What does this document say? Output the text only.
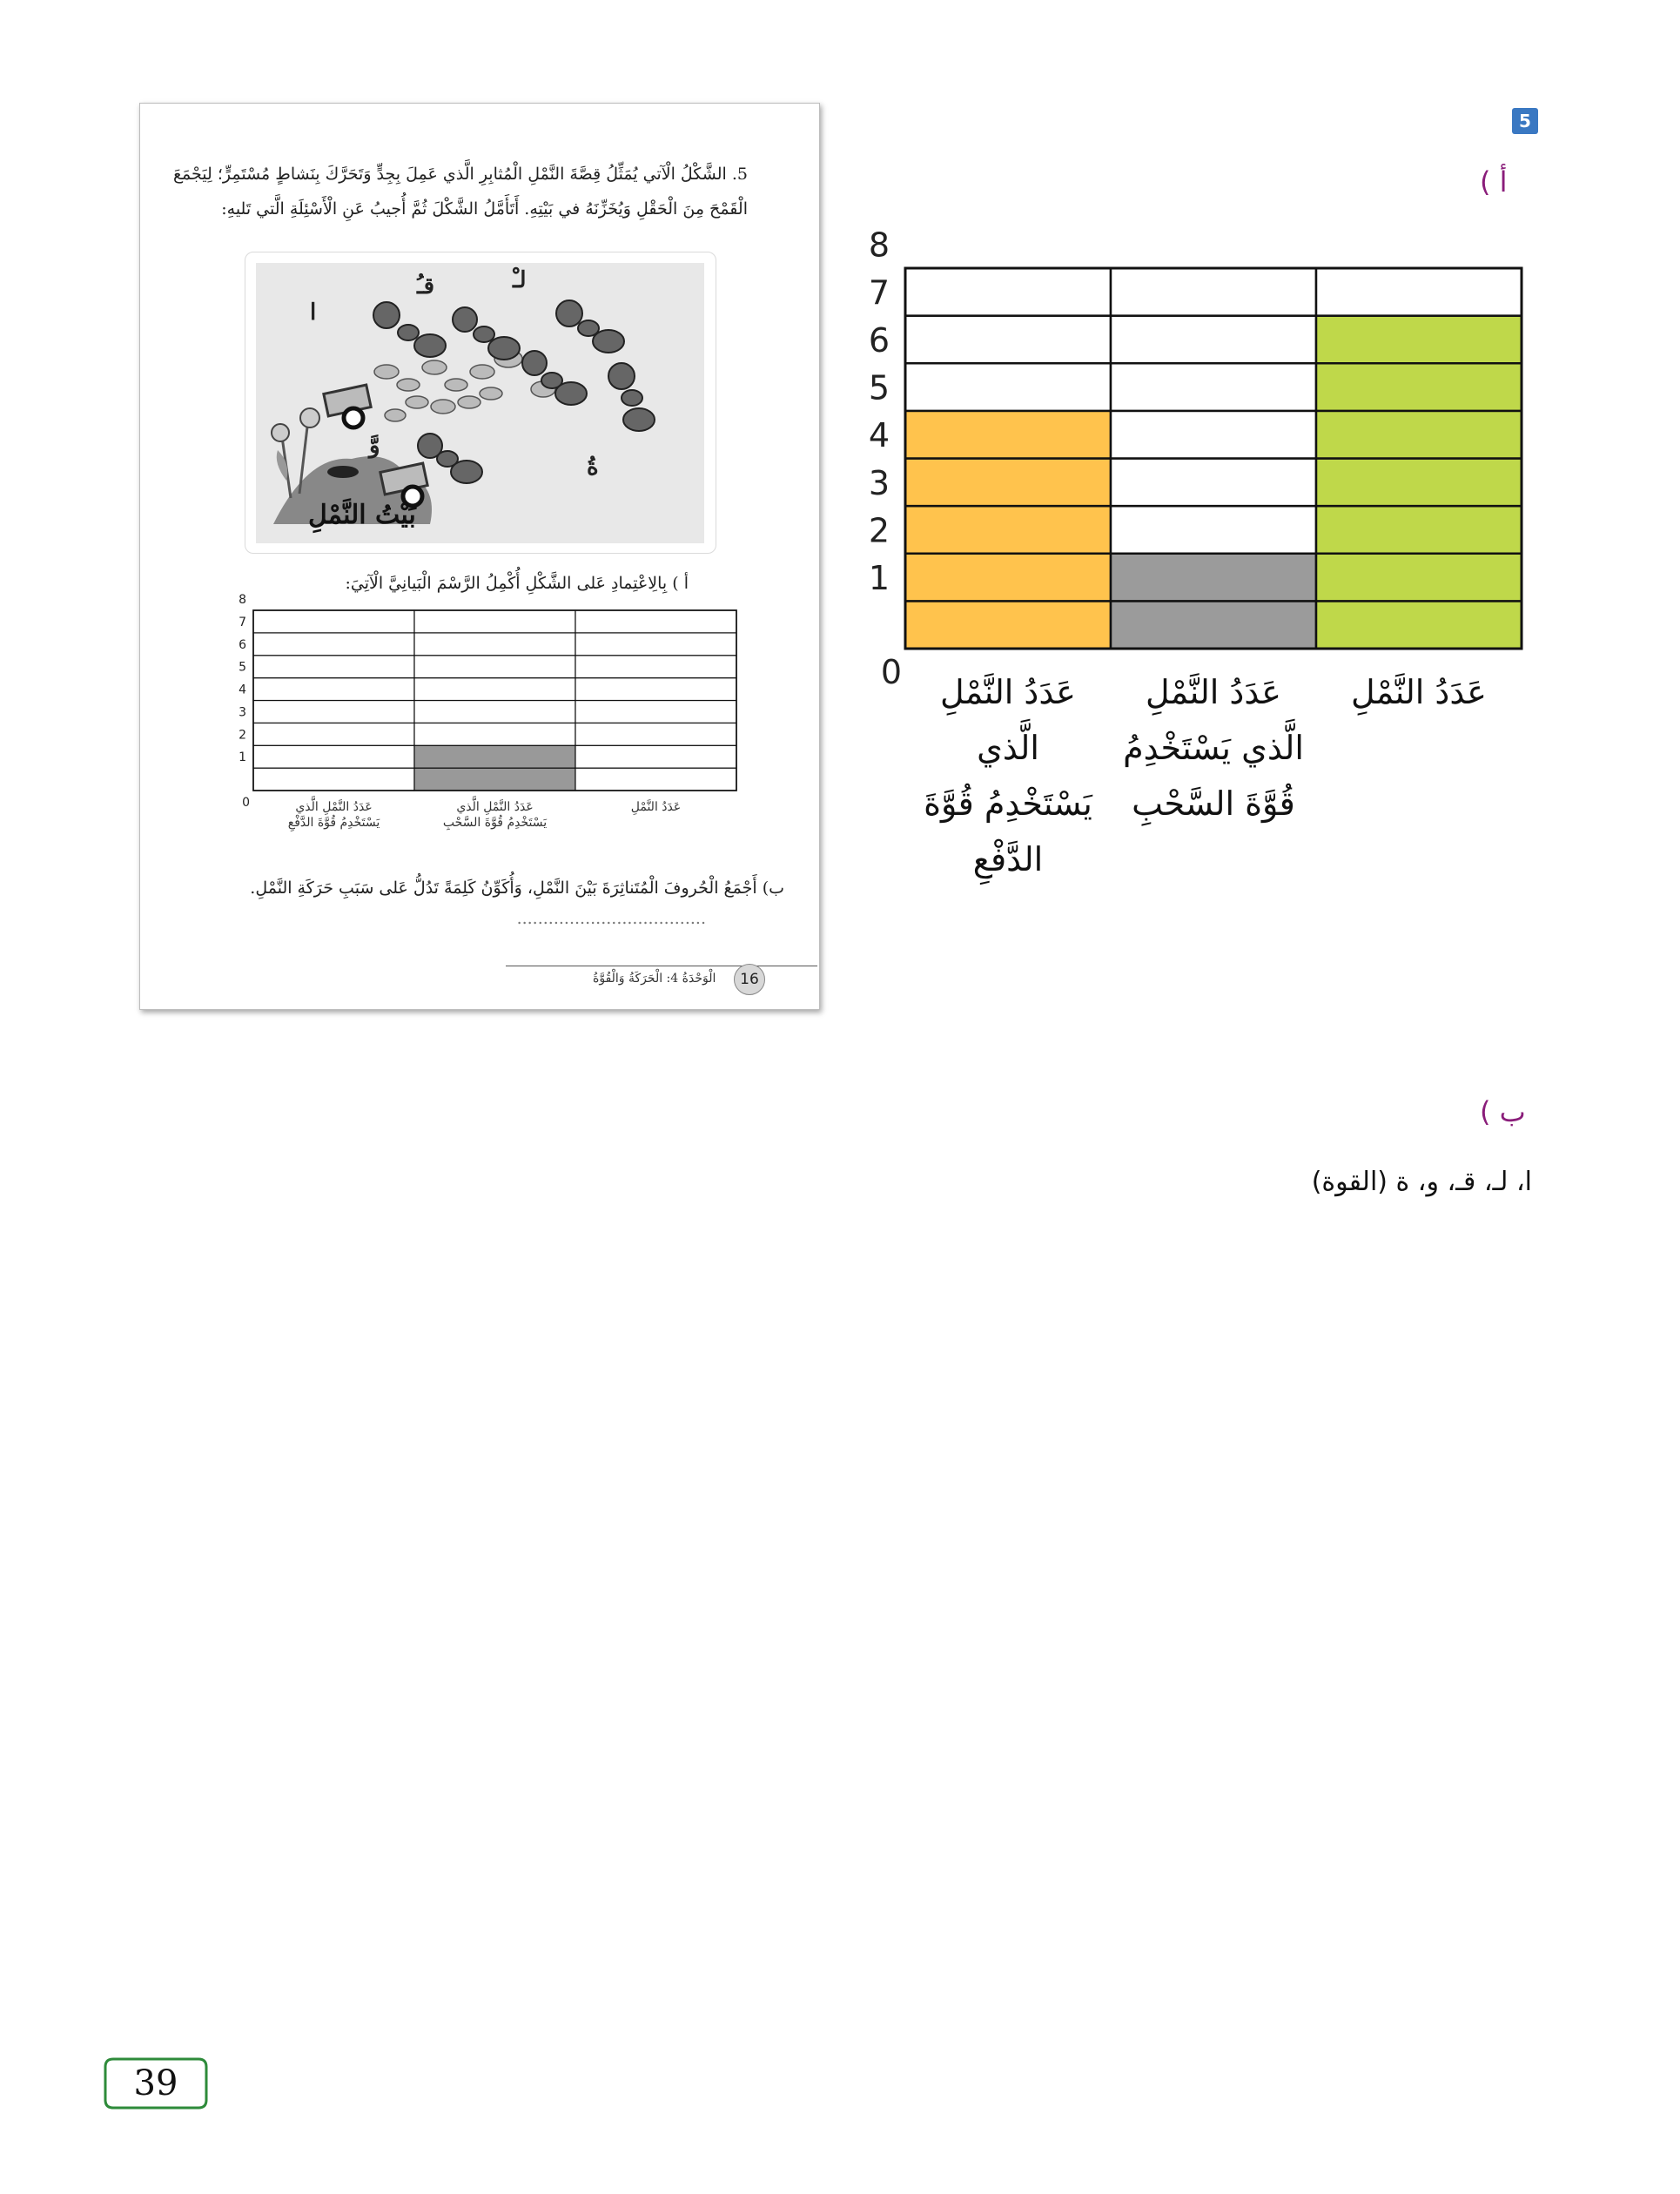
5. الشَّكْلُ الْآتي يُمَثِّلُ قِصَّةَ النَّمْلِ الْمُثابِرِ الَّذي عَمِلَ بِجِدٍّ وَتَحَرَّكَ بِنَشاطٍ مُسْتَمِرٍّ؛ لِيَجْمَعَ
الْقَمْحَ مِنَ الْحَقْلِ وَيُخَزِّنَهُ في بَيْتِهِ. أَتَأَمَّلُ الشَّكْلَ ثُمَّ أُجيبُ عَنِ الْأَسْئِلَةِ الَّتي تَليهِ:
ا
قـُ	لـْ
وَّ
ةُ
بَيْتُ النَّمْلِ
أ ) بِالِاعْتِمادِ عَلى الشَّكْلِ أُكْمِلُ الرَّسْمَ الْبَيانِيَّ الْآتِيَ:
0
1
2
3
4
5
6
7
8
ب) أَجْمَعُ الْحُروفَ الْمُتَناثِرَةَ بَيْنَ النَّمْلِ، وَأُكَوِّنُ كَلِمَةً تَدُلُّ عَلى سَبَبِ حَرَكَةِ النَّمْلِ.
....................................
16
الْوَحْدَةُ 4: الْحَرَكَةُ وَالْقُوَّةُ
عَدَدُ النَّمْلِ الَّذي
يَسْتَخْدِمُ قُوَّةَ الدَّفْعِ
عَدَدُ النَّمْلِ الَّذي
يَسْتَخْدِمُ قُوَّةَ السَّحْبِ
عَدَدُ النَّمْلِ
5
أ )
0
1
2
3
4
5
6
7
8
عَدَدُ النَّمْلِ
الَّذي
يَسْتَخْدِمُ قُوَّةَ
الدَّفْعِ
عَدَدُ النَّمْلِ
الَّذي يَسْتَخْدِمُ
قُوَّةَ السَّحْبِ
عَدَدُ النَّمْلِ
ب )
ا، لـ، قـ، و، ة (القوة)
39
